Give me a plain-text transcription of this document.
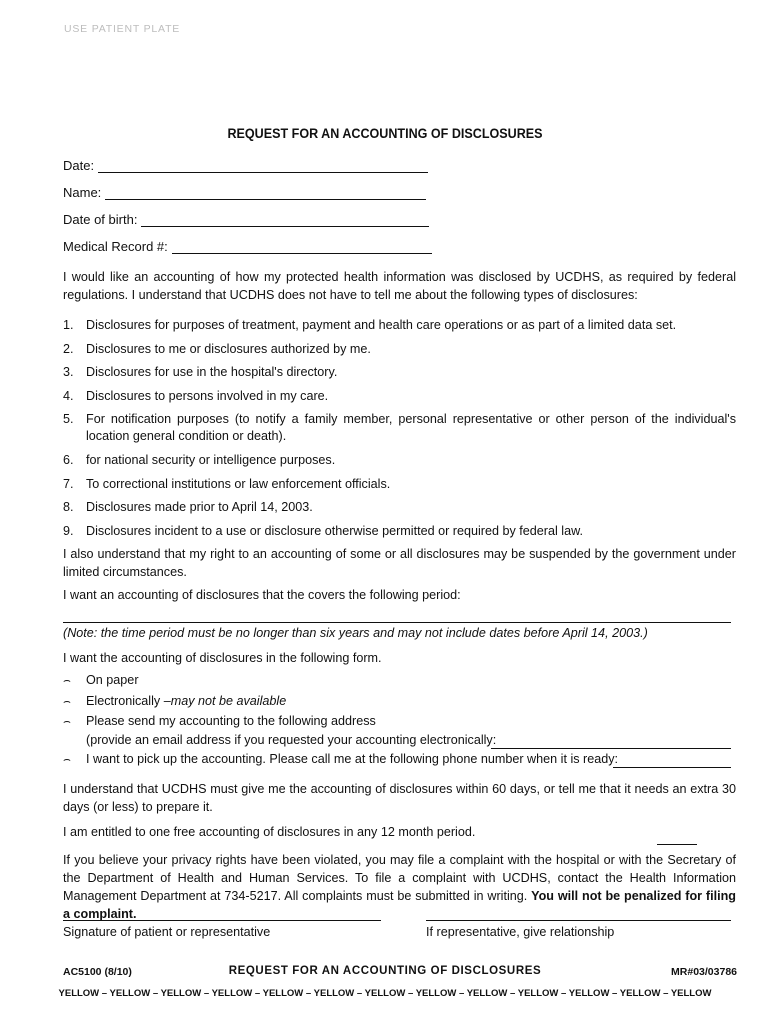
USE PATIENT PLATE
REQUEST FOR AN ACCOUNTING OF DISCLOSURES
Date:
Name:
Date of birth:
Medical Record #:
I would like an accounting of how my protected health information was disclosed by UCDHS, as required by federal regulations. I understand that UCDHS does not have to tell me about the following types of disclosures:
1. Disclosures for purposes of treatment, payment and health care operations or as part of a limited data set.
2. Disclosures to me or disclosures authorized by me.
3. Disclosures for use in the hospital's directory.
4. Disclosures to persons involved in my care.
5. For notification purposes (to notify a family member, personal representative or other person of the individual's location general condition or death).
6. for national security or intelligence purposes.
7. To correctional institutions or law enforcement officials.
8. Disclosures made prior to April 14, 2003.
9. Disclosures incident to a use or disclosure otherwise permitted or required by federal law.
I also understand that my right to an accounting of some or all disclosures may be suspended by the government under limited circumstances.
I want an accounting of disclosures that the covers the following period:
(Note: the time period must be no longer than six years and may not include dates before April 14, 2003.)
I want the accounting of disclosures in the following form.
⌢	On paper
⌢	Electronically – may not be available
⌢	Please send my accounting to the following address
(provide an email address if you requested your accounting electronically:
⌢	I want to pick up the accounting. Please call me at the following phone number when it is ready:
I understand that UCDHS must give me the accounting of disclosures within 60 days, or tell me that it needs an extra 30 days (or less) to prepare it.
I am entitled to one free accounting of disclosures in any 12 month period.
If you believe your privacy rights have been violated, you may file a complaint with the hospital or with the Secretary of the Department of Health and Human Services. To file a complaint with UCDHS, contact the Health Information Management Department at 734-5217. All complaints must be submitted in writing. You will not be penalized for filing a complaint.
Signature of patient or representative	If representative, give relationship
AC5100 (8/10)	REQUEST FOR AN ACCOUNTING OF DISCLOSURES	MR#03/03786
YELLOW – YELLOW – YELLOW – YELLOW – YELLOW – YELLOW – YELLOW – YELLOW – YELLOW – YELLOW – YELLOW – YELLOW – YELLOW
